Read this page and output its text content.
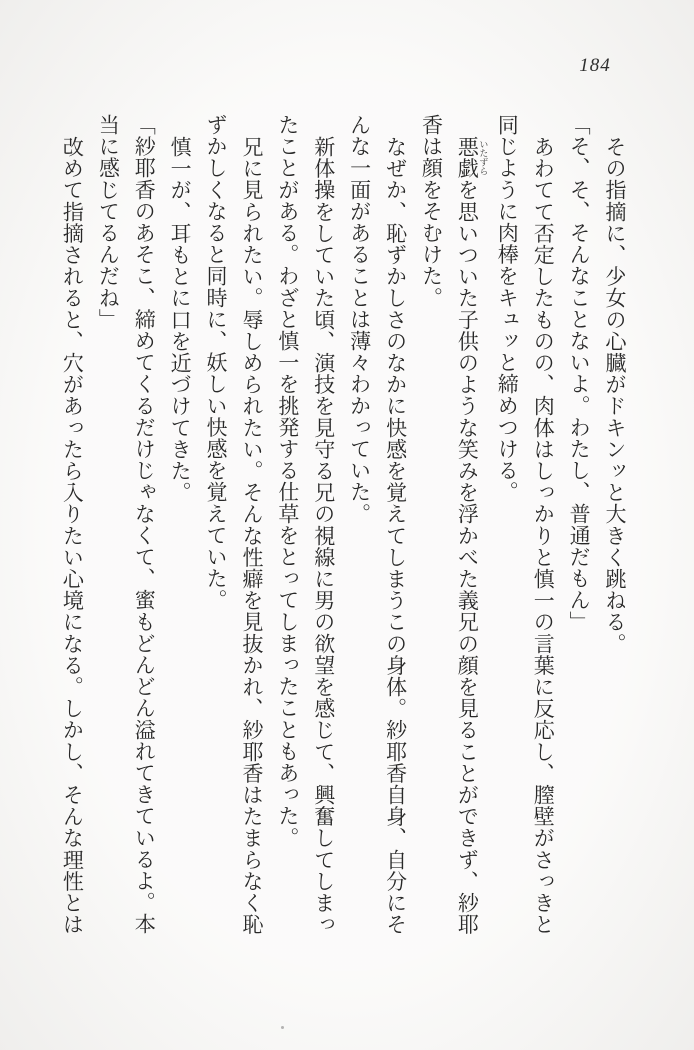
184

その指摘に、少女の心臓がドキンッと大きく跳ねる。

「そ、そ、そんなことないよ。わたし、普通だもん」

あわてて否定したものの、肉体はしっかりと慎一の言葉に反応し、膣壁がさっきと

同じように肉棒をキュッと締めつける。

悪戯 いたずらを思いついた子供のような笑みを浮かべた義兄の顔を見ることができず、紗耶

香は顔をそむけた。

なぜか、恥ずかしさのなかに快感を覚えてしまうこの身体。紗耶香自身、自分にそ

んな一面があることは薄々わかっていた。

新体操をしていた頃、演技を見守る兄の視線に男の欲望を感じて、興奮してしまっ

たことがある。わざと慎一を挑発する仕草をとってしまったこともあった。

兄に見られたい。辱しめられたい。そんな性癖を見抜かれ、紗耶香はたまらなく恥

ずかしくなると同時に、妖しい快感を覚えていた。

慎一が、耳もとに口を近づけてきた。

「紗耶香のあそこ、締めてくるだけじゃなくて、蜜もどんどん溢れてきているよ。本

当に感じてるんだね」

改めて指摘されると、穴があったら入りたい心境になる。しかし、そんな理性とは
